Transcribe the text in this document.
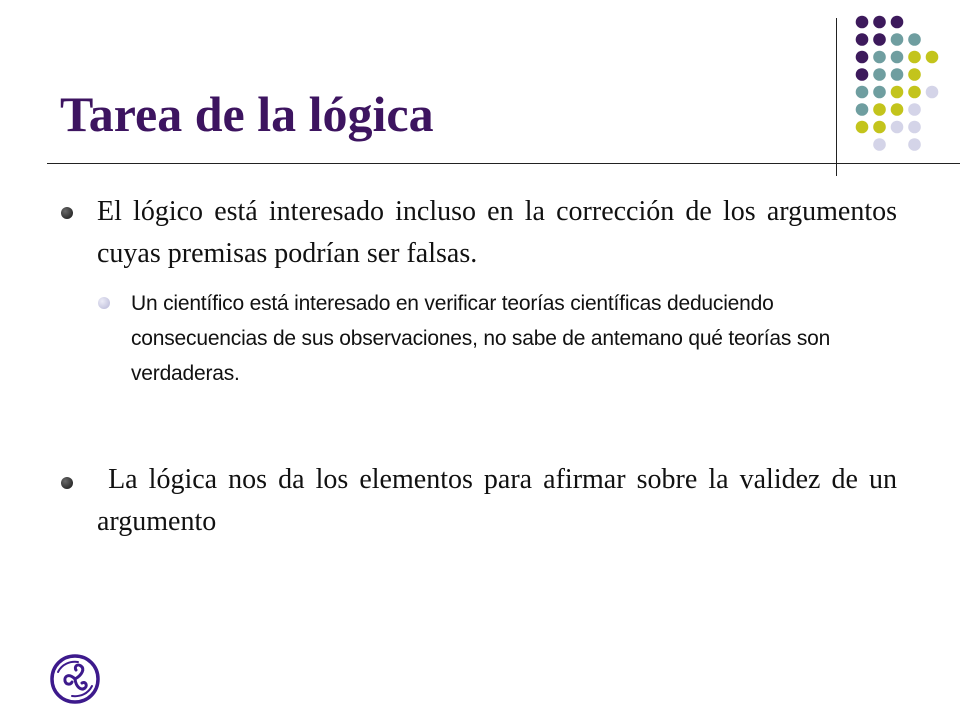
Tarea de la lógica

El lógico está interesado incluso en la corrección de los argumentos cuyas premisas podrían ser falsas.

Un científico está interesado en verificar teorías científicas deduciendo consecuencias de sus observaciones, no sabe de antemano qué teorías son verdaderas.

La lógica nos da los elementos para afirmar sobre la validez de un argumento
